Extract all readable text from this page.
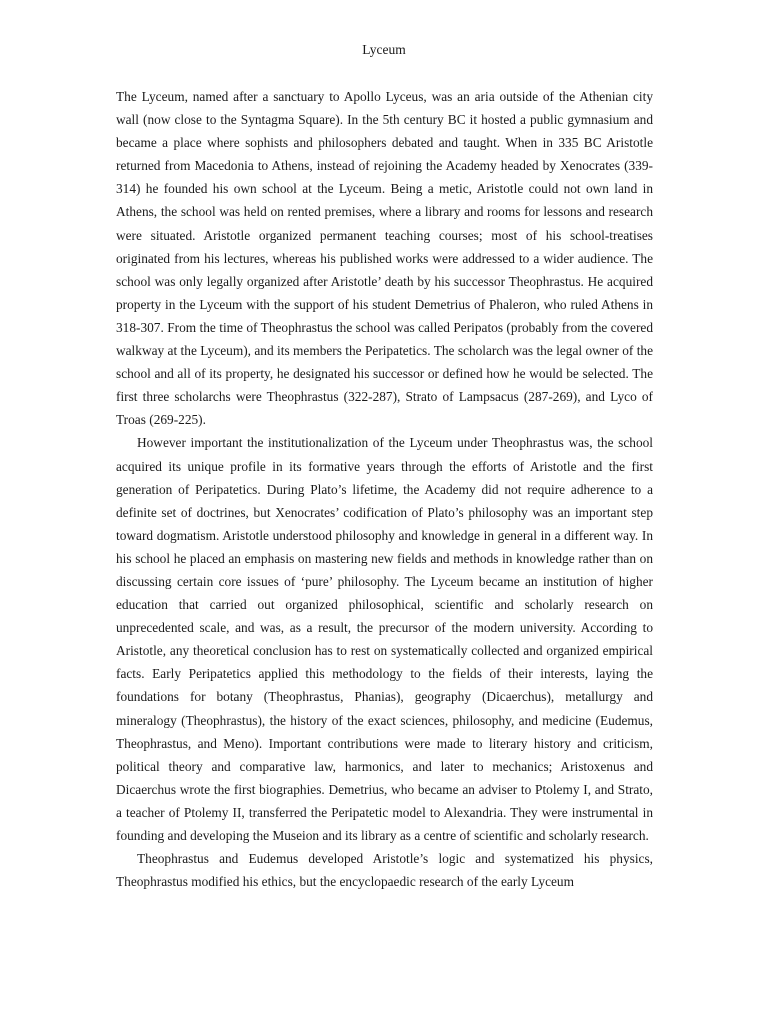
Lyceum

The Lyceum, named after a sanctuary to Apollo Lyceus, was an aria outside of the Athenian city wall (now close to the Syntagma Square). In the 5th century BC it hosted a public gymnasium and became a place where sophists and philosophers debated and taught. When in 335 BC Aristotle returned from Macedonia to Athens, instead of rejoining the Academy headed by Xenocrates (339-314) he founded his own school at the Lyceum. Being a metic, Aristotle could not own land in Athens, the school was held on rented premises, where a library and rooms for lessons and research were situated. Aristotle organized permanent teaching courses; most of his school-treatises originated from his lectures, whereas his published works were addressed to a wider audience. The school was only legally organized after Aristotle’ death by his successor Theophrastus. He acquired property in the Lyceum with the support of his student Demetrius of Phaleron, who ruled Athens in 318-307. From the time of Theophrastus the school was called Peripatos (probably from the covered walkway at the Lyceum), and its members the Peripatetics. The scholarch was the legal owner of the school and all of its property, he designated his successor or defined how he would be selected. The first three scholarchs were Theophrastus (322-287), Strato of Lampsacus (287-269), and Lyco of Troas (269-225).

However important the institutionalization of the Lyceum under Theophrastus was, the school acquired its unique profile in its formative years through the efforts of Aristotle and the first generation of Peripatetics. During Plato’s lifetime, the Academy did not require adherence to a definite set of doctrines, but Xenocrates’ codification of Plato’s philosophy was an important step toward dogmatism. Aristotle understood philosophy and knowledge in general in a different way. In his school he placed an emphasis on mastering new fields and methods in knowledge rather than on discussing certain core issues of ‘pure’ philosophy. The Lyceum became an institution of higher education that carried out organized philosophical, scientific and scholarly research on unprecedented scale, and was, as a result, the precursor of the modern university. According to Aristotle, any theoretical conclusion has to rest on systematically collected and organized empirical facts. Early Peripatetics applied this methodology to the fields of their interests, laying the foundations for botany (Theophrastus, Phanias), geography (Dicaerchus), metallurgy and mineralogy (Theophrastus), the history of the exact sciences, philosophy, and medicine (Eudemus, Theophrastus, and Meno). Important contributions were made to literary history and criticism, political theory and comparative law, harmonics, and later to mechanics; Aristoxenus and Dicaerchus wrote the first biographies. Demetrius, who became an adviser to Ptolemy I, and Strato, a teacher of Ptolemy II, transferred the Peripatetic model to Alexandria. They were instrumental in founding and developing the Museion and its library as a centre of scientific and scholarly research.

Theophrastus and Eudemus developed Aristotle’s logic and systematized his physics, Theophrastus modified his ethics, but the encyclopaedic research of the early Lyceum
